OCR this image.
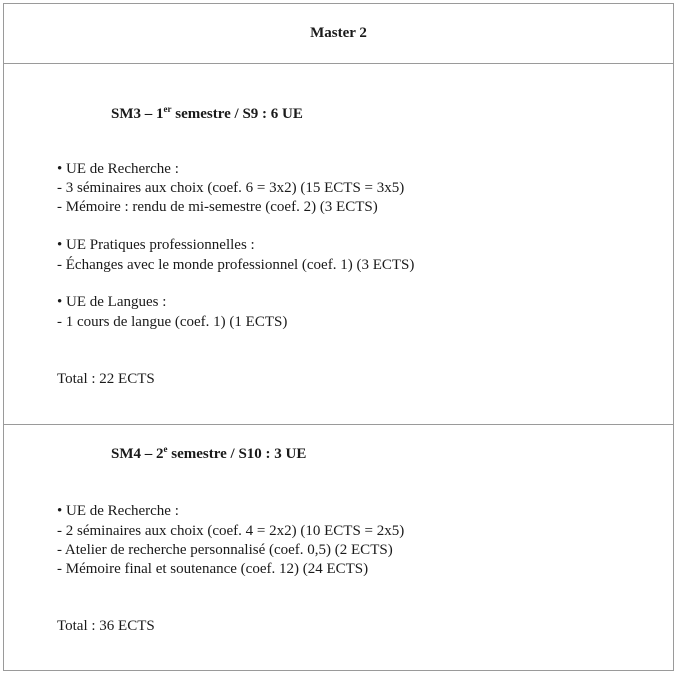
Master 2
SM3 – 1er semestre / S9 : 6 UE
• UE de Recherche :
- 3 séminaires aux choix (coef. 6 = 3x2) (15 ECTS = 3x5)
- Mémoire : rendu de mi-semestre (coef. 2) (3 ECTS)
• UE Pratiques professionnelles :
- Échanges avec le monde professionnel (coef. 1) (3 ECTS)
• UE de Langues :
- 1 cours de langue (coef. 1) (1 ECTS)
Total : 22 ECTS
SM4 – 2e semestre / S10 : 3 UE
• UE de Recherche :
- 2 séminaires aux choix (coef. 4 = 2x2) (10 ECTS = 2x5)
- Atelier de recherche personnalisé (coef. 0,5) (2 ECTS)
- Mémoire final et soutenance (coef. 12) (24 ECTS)
Total : 36 ECTS
